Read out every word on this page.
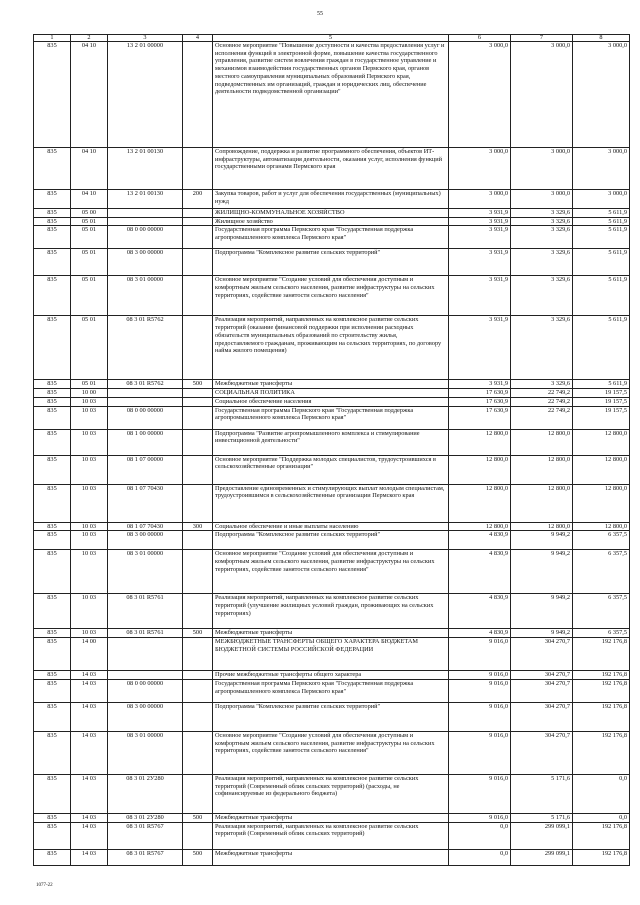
55
1	2	3	4	5	6	7	8
835	04 10	13 2 01 00000		Основное мероприятие "Повышение доступности и качества предоставления услуг и исполнения функций в электронной форме, повышение качества государственного управления, развитие систем вовлечения граждан в государственное управление и механизмов взаимодействия государственных органов Пермского края, органов местного самоуправления муниципальных образований Пермского края, подведомственных им организаций, граждан и юридических лиц, обеспечение деятельности подведомственной организации"	3 000,0	3 000,0	3 000,0
835	04 10	13 2 01 00130		Сопровождение, поддержка и развитие программного обеспечения, объектов ИТ-инфраструктуры, автоматизация деятельности, оказания услуг, исполнения функций государственными органами Пермского края	3 000,0	3 000,0	3 000,0
835	04 10	13 2 01 00130	200	Закупка товаров, работ и услуг для обеспечения государственных (муниципальных) нужд	3 000,0	3 000,0	3 000,0
835	05 00			ЖИЛИЩНО-КОММУНАЛЬНОЕ ХОЗЯЙСТВО	3 931,9	3 329,6	5 611,9
835	05 01			Жилищное хозяйство	3 931,9	3 329,6	5 611,9
835	05 01	08 0 00 00000		Государственная программа Пермского края "Государственная поддержка агропромышленного комплекса Пермского края"	3 931,9	3 329,6	5 611,9
835	05 01	08 3 00 00000		Подпрограмма "Комплексное развитие сельских территорий"	3 931,9	3 329,6	5 611,9
835	05 01	08 3 01 00000		Основное мероприятие "Создание условий для обеспечения доступным и комфортным жильем сельского населения, развитие инфраструктуры на сельских территориях, содействие занятости сельского населения"	3 931,9	3 329,6	5 611,9
835	05 01	08 3 01 R5762		Реализация мероприятий, направленных на комплексное развитие сельских территорий (оказание финансовой поддержки при исполнении расходных обязательств муниципальных образований по строительству жилья, предоставляемого гражданам, проживающим на сельских территориях, по договору найма жилого помещения)	3 931,9	3 329,6	5 611,9
835	05 01	08 3 01 R5762	500	Межбюджетные трансферты	3 931,9	3 329,6	5 611,9
835	10 00			СОЦИАЛЬНАЯ ПОЛИТИКА	17 630,9	22 749,2	19 157,5
835	10 03			Социальное обеспечение населения	17 630,9	22 749,2	19 157,5
835	10 03	08 0 00 00000		Государственная программа Пермского края "Государственная поддержка агропромышленного комплекса Пермского края"	17 630,9	22 749,2	19 157,5
835	10 03	08 1 00 00000		Подпрограмма "Развитие агропромышленного комплекса и стимулирование инвестиционной деятельности"	12 800,0	12 800,0	12 800,0
835	10 03	08 1 07 00000		Основное мероприятие "Поддержка молодых специалистов, трудоустроившихся в сельскохозяйственные организации"	12 800,0	12 800,0	12 800,0
835	10 03	08 1 07 70430		Предоставление единовременных и стимулирующих выплат молодым специалистам, трудоустроившимся в сельскохозяйственные организации Пермского края	12 800,0	12 800,0	12 800,0
835	10 03	08 1 07 70430	300	Социальное обеспечение и иные выплаты населению	12 800,0	12 800,0	12 800,0
835	10 03	08 3 00 00000		Подпрограмма "Комплексное развитие сельских территорий"	4 830,9	9 949,2	6 357,5
835	10 03	08 3 01 00000		Основное мероприятие "Создание условий для обеспечения доступным и комфортным жильем сельского населения, развитие инфраструктуры на сельских территориях, содействие занятости сельского населения"	4 830,9	9 949,2	6 357,5
835	10 03	08 3 01 R5761		Реализация мероприятий, направленных на комплексное развитие сельских территорий (улучшение жилищных условий граждан, проживающих на сельских территориях)	4 830,9	9 949,2	6 357,5
835	10 03	08 3 01 R5761	500	Межбюджетные трансферты	4 830,9	9 949,2	6 357,5
835	14 00			МЕЖБЮДЖЕТНЫЕ ТРАНСФЕРТЫ ОБЩЕГО ХАРАКТЕРА БЮДЖЕТАМ БЮДЖЕТНОЙ СИСТЕМЫ РОССИЙСКОЙ ФЕДЕРАЦИИ	9 016,0	304 270,7	192 176,8
835	14 03			Прочие межбюджетные трансферты общего характера	9 016,0	304 270,7	192 176,8
835	14 03	08 0 00 00000		Государственная программа Пермского края "Государственная поддержка агропромышленного комплекса Пермского края"	9 016,0	304 270,7	192 176,8
835	14 03	08 3 00 00000		Подпрограмма "Комплексное развитие сельских территорий"	9 016,0	304 270,7	192 176,8
835	14 03	08 3 01 00000		Основное мероприятие "Создание условий для обеспечения доступным и комфортным жильем сельского населения, развитие инфраструктуры на сельских территориях, содействие занятости сельского населения"	9 016,0	304 270,7	192 176,8
835	14 03	08 3 01 2У280		Реализация мероприятий, направленных на комплексное развитие сельских территорий (Современный облик сельских территорий) (расходы, не софинансируемые из федерального бюджета)	9 016,0	5 171,6	0,0
835	14 03	08 3 01 2У280	500	Межбюджетные трансферты	9 016,0	5 171,6	0,0
835	14 03	08 3 01 R5767		Реализация мероприятий, направленных на комплексное развитие сельских территорий (Современный облик сельских территорий)	0,0	299 099,1	192 176,8
835	14 03	08 3 01 R5767	500	Межбюджетные трансферты	0,0	299 099,1	192 176,8
1077-22
